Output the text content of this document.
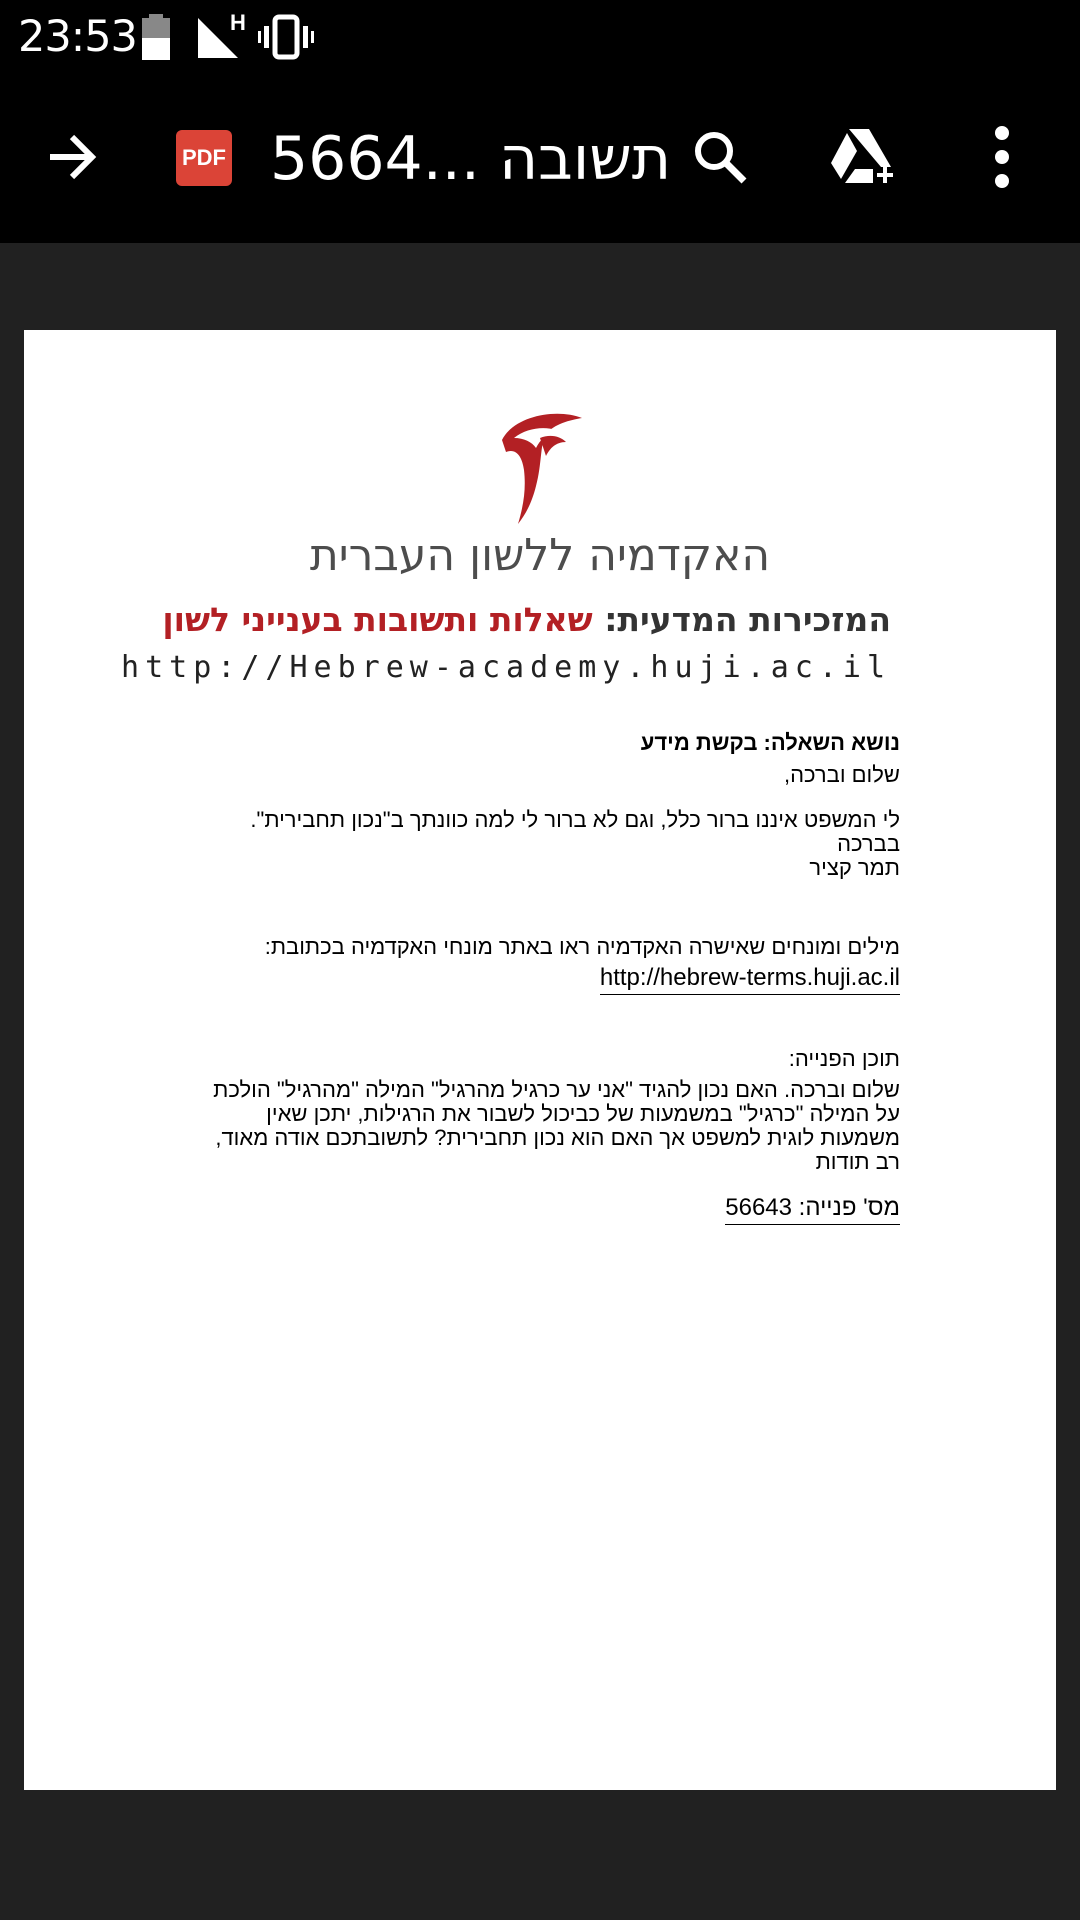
23:53	H
PDF 5664... תשובה
האקדמיה ללשון העברית
המזכירות המדעית: שאלות ותשובות בענייני לשון
http://Hebrew-academy.huji.ac.il
נושא השאלה: בקשת מידע
שלום וברכה,
לי המשפט איננו ברור כלל, וגם לא ברור לי למה כוונתך ב"נכון תחבירית".
בברכה
תמר קציר
מילים ומונחים שאישרה האקדמיה ראו באתר מונחי האקדמיה בכתובת:
http://hebrew-terms.huji.ac.il
תוכן הפנייה:
שלום וברכה. האם נכון להגיד "אני ער כרגיל מהרגיל" המילה "מהרגיל" הולכת
על המילה "כרגיל" במשמעות של כביכול לשבור את הרגילות, יתכן שאין
משמעות לוגית למשפט אך האם הוא נכון תחבירית? לתשובתכם אודה מאוד,
רב תודות
מס' פנייה: 56643
